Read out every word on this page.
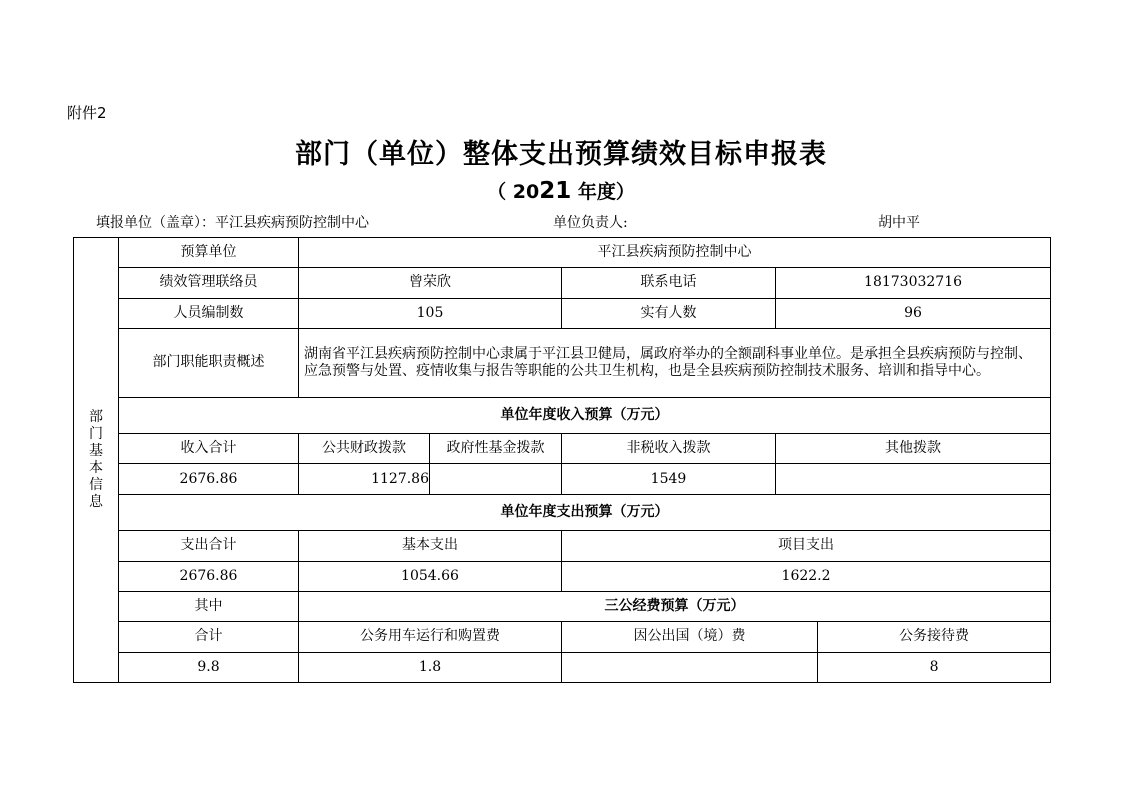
附件2
部门（单位）整体支出预算绩效目标申报表
（ 2021 年度）
填报单位（盖章）：平江县疾病预防控制中心	单位负责人:	胡中平
部门基本信息	预算单位	平江县疾病预防控制中心				
	绩效管理联络员	曾荣欣		联系电话	18173032716	
	人员编制数	105		实有人数	96	
	部门职能职责概述	湖南省平江县疾病预防控制中心隶属于平江县卫健局，属政府举办的全额副科事业单位。是承担全县疾病预防与控制、应急预警与处置、疫情收集与报告等职能的公共卫生机构，也是全县疾病预防控制技术服务、培训和指导中心。				
	单位年度收入预算（万元）					
	收入合计	公共财政拨款	政府性基金拨款	非税收入拨款	其他拨款	
	2676.86	1127.86		1549		
	单位年度支出预算（万元）					
	支出合计	基本支出		项目支出		
	2676.86	1054.66		1622.2		
	其中	三公经费预算（万元）				
	合计	公务用车运行和购置费		因公出国（境）费		公务接待费
	9.8	1.8				8
